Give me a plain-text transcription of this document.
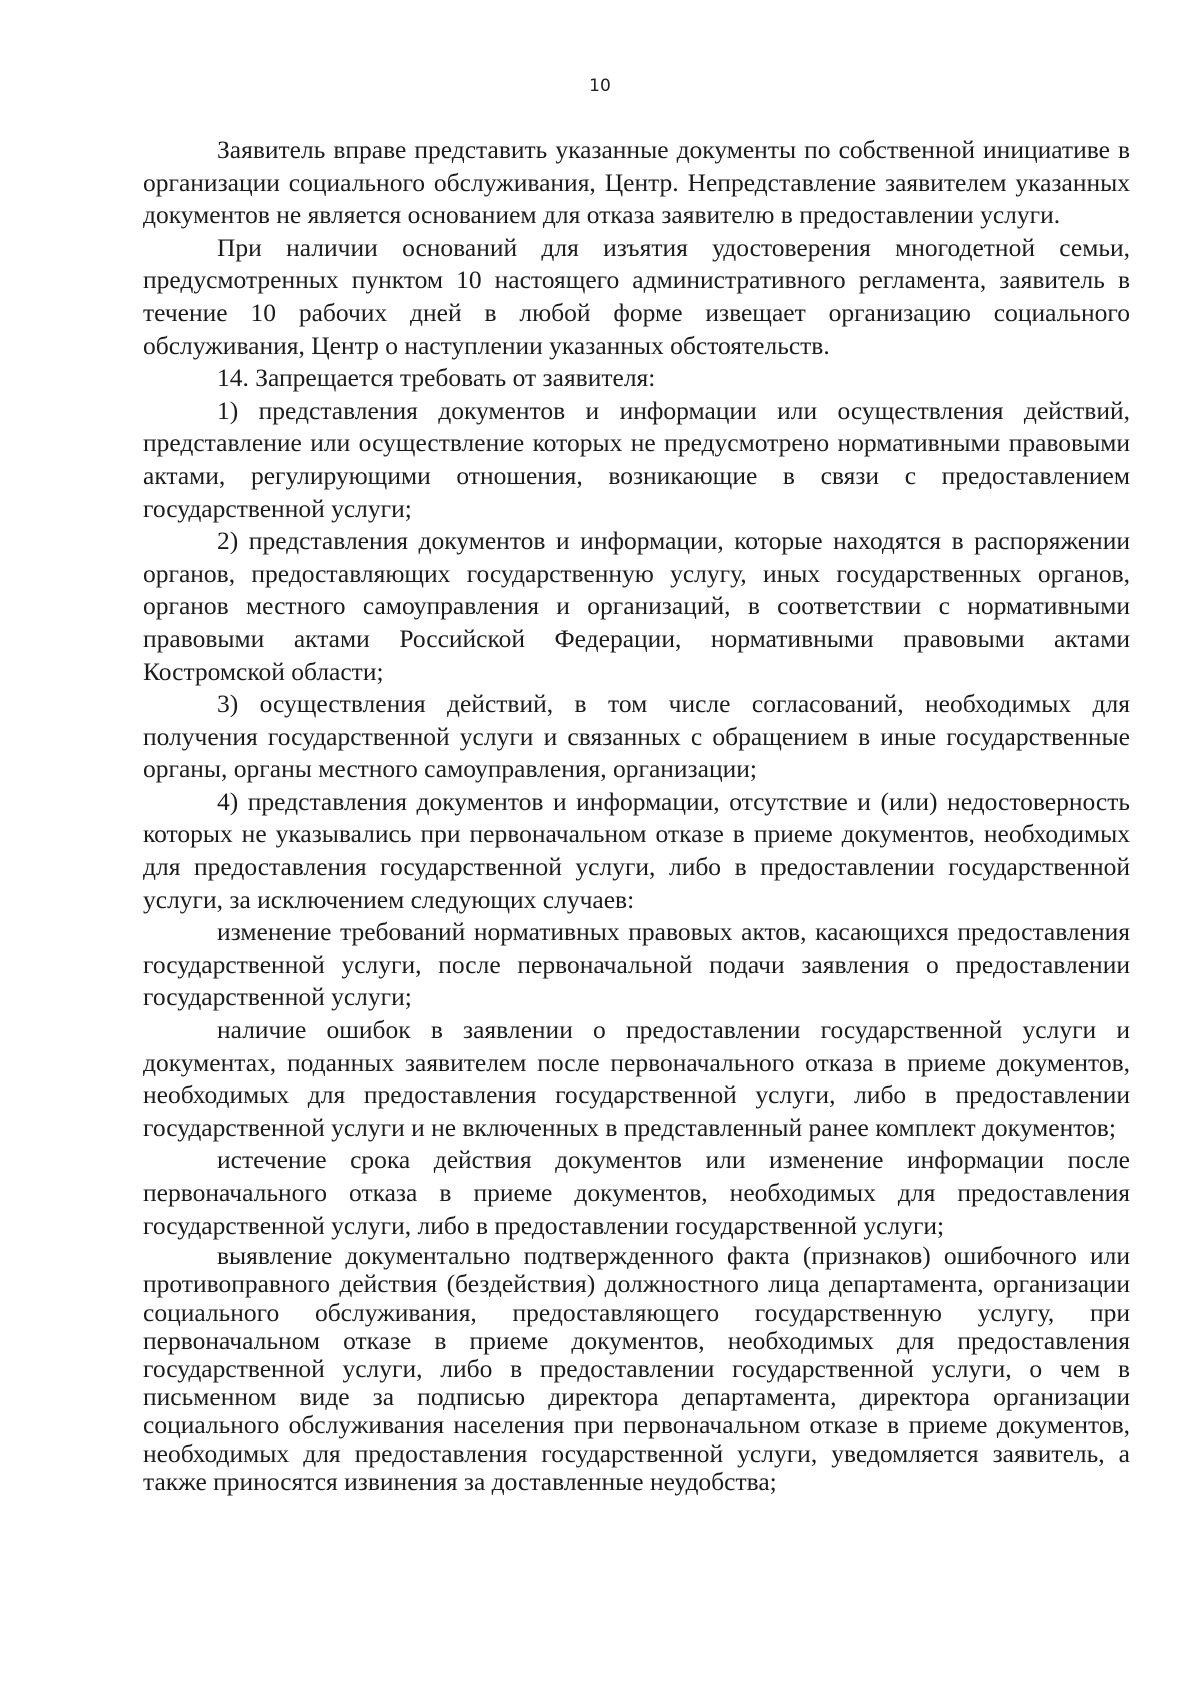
10

Заявитель вправе представить указанные документы по собственной инициативе в организации социального обслуживания, Центр. Непредставление заявителем указанных документов не является основанием для отказа заявителю в предоставлении услуги.

При наличии оснований для изъятия удостоверения многодетной семьи, предусмотренных пунктом 10 настоящего административного регламента, заявитель в течение 10 рабочих дней в любой форме извещает организацию социального обслуживания, Центр о наступлении указанных обстоятельств.

14. Запрещается требовать от заявителя:

1) представления документов и информации или осуществления действий, представление или осуществление которых не предусмотрено нормативными правовыми актами, регулирующими отношения, возникающие в связи с предоставлением государственной услуги;

2) представления документов и информации, которые находятся в распоряжении органов, предоставляющих государственную услугу, иных государственных органов, органов местного самоуправления и организаций, в соответствии с нормативными правовыми актами Российской Федерации, нормативными правовыми актами Костромской области;

3) осуществления действий, в том числе согласований, необходимых для получения государственной услуги и связанных с обращением в иные государственные органы, органы местного самоуправления, организации;

4) представления документов и информации, отсутствие и (или) недостоверность которых не указывались при первоначальном отказе в приеме документов, необходимых для предоставления государственной услуги, либо в предоставлении государственной услуги, за исключением следующих случаев:

изменение требований нормативных правовых актов, касающихся предоставления государственной услуги, после первоначальной подачи заявления о предоставлении государственной услуги;

наличие ошибок в заявлении о предоставлении государственной услуги и документах, поданных заявителем после первоначального отказа в приеме документов, необходимых для предоставления государственной услуги, либо в предоставлении государственной услуги и не включенных в представленный ранее комплект документов;

истечение срока действия документов или изменение информации после первоначального отказа в приеме документов, необходимых для предоставления государственной услуги, либо в предоставлении государственной услуги;

выявление документально подтвержденного факта (признаков) ошибочного или противоправного действия (бездействия) должностного лица департамента, организации социального обслуживания, предоставляющего государственную услугу, при первоначальном отказе в приеме документов, необходимых для предоставления государственной услуги, либо в предоставлении государственной услуги, о чем в письменном виде за подписью директора департамента, директора организации социального обслуживания населения при первоначальном отказе в приеме документов, необходимых для предоставления государственной услуги, уведомляется заявитель, а также приносятся извинения за доставленные неудобства;
